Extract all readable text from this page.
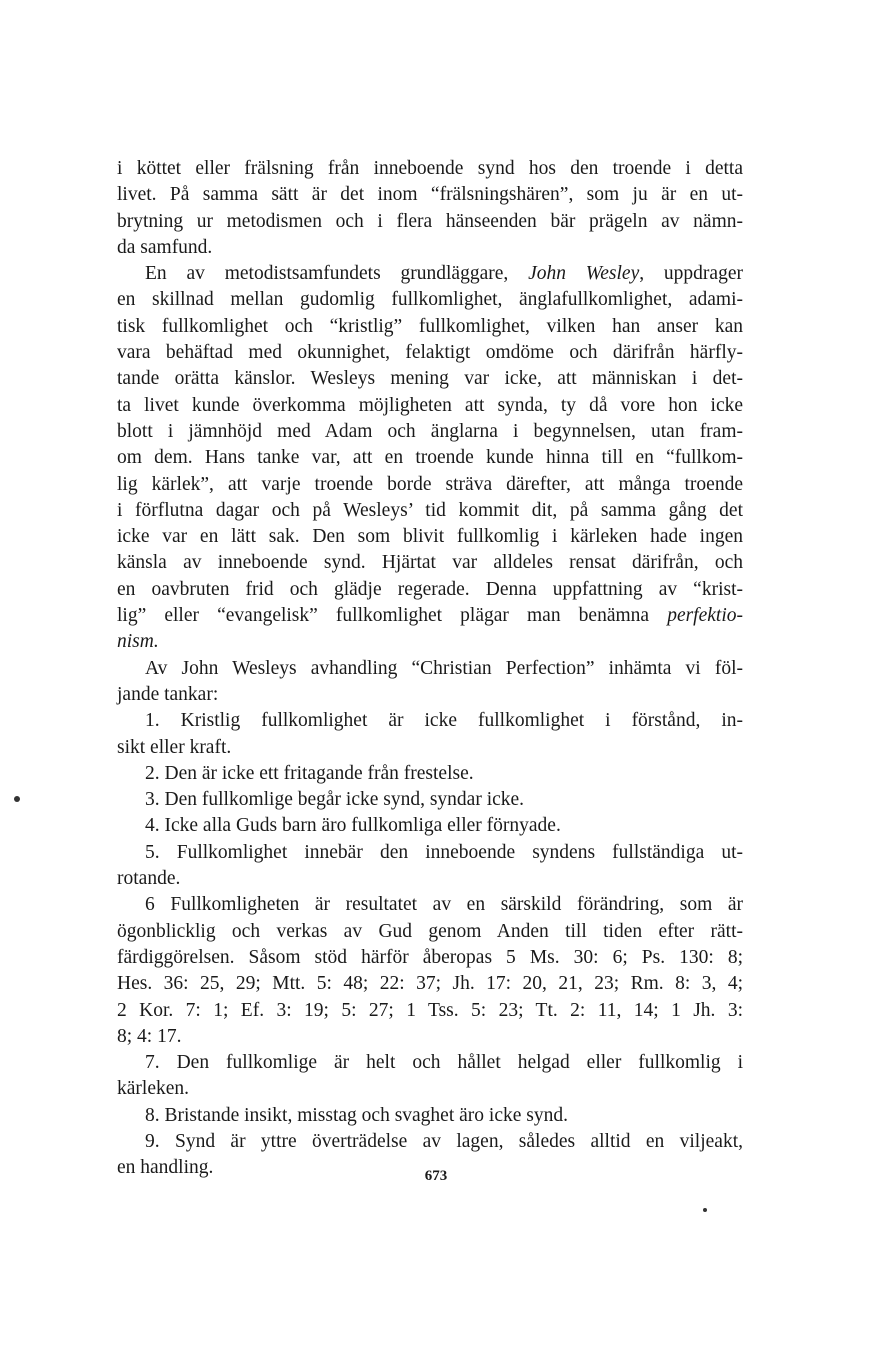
i köttet eller frälsning från inneboende synd hos den troende i detta
livet. På samma sätt är det inom “frälsningshären”, som ju är en ut-
brytning ur metodismen och i flera hänseenden bär prägeln av nämn-
da samfund.
En av metodistsamfundets grundläggare, John Wesley, uppdrager
en skillnad mellan gudomlig fullkomlighet, änglafullkomlighet, adami-
tisk fullkomlighet och “kristlig” fullkomlighet, vilken han anser kan
vara behäftad med okunnighet, felaktigt omdöme och därifrån härfly-
tande orätta känslor. Wesleys mening var icke, att människan i det-
ta livet kunde överkomma möjligheten att synda, ty då vore hon icke
blott i jämnhöjd med Adam och änglarna i begynnelsen, utan fram-
om dem. Hans tanke var, att en troende kunde hinna till en “fullkom-
lig kärlek”, att varje troende borde sträva därefter, att många troende
i förflutna dagar och på Wesleys’ tid kommit dit, på samma gång det
icke var en lätt sak. Den som blivit fullkomlig i kärleken hade ingen
känsla av inneboende synd. Hjärtat var alldeles rensat därifrån, och
en oavbruten frid och glädje regerade. Denna uppfattning av “krist-
lig” eller “evangelisk” fullkomlighet plägar man benämna perfektio-
nism.
Av John Wesleys avhandling “Christian Perfection” inhämta vi föl-
jande tankar:
1. Kristlig fullkomlighet är icke fullkomlighet i förstånd, in-
sikt eller kraft.
2. Den är icke ett fritagande från frestelse.
3. Den fullkomlige begår icke synd, syndar icke.
4. Icke alla Guds barn äro fullkomliga eller förnyade.
5. Fullkomlighet innebär den inneboende syndens fullständiga ut-
rotande.
6 Fullkomligheten är resultatet av en särskild förändring, som är
ögonblicklig och verkas av Gud genom Anden till tiden efter rätt-
färdiggörelsen. Såsom stöd härför åberopas 5 Ms. 30: 6; Ps. 130: 8;
Hes. 36: 25, 29; Mtt. 5: 48; 22: 37; Jh. 17: 20, 21, 23; Rm. 8: 3, 4;
2 Kor. 7: 1; Ef. 3: 19; 5: 27; 1 Tss. 5: 23; Tt. 2: 11, 14; 1 Jh. 3:
8; 4: 17.
7. Den fullkomlige är helt och hållet helgad eller fullkomlig i
kärleken.
8. Bristande insikt, misstag och svaghet äro icke synd.
9. Synd är yttre överträdelse av lagen, således alltid en viljeakt,
en handling.	673
